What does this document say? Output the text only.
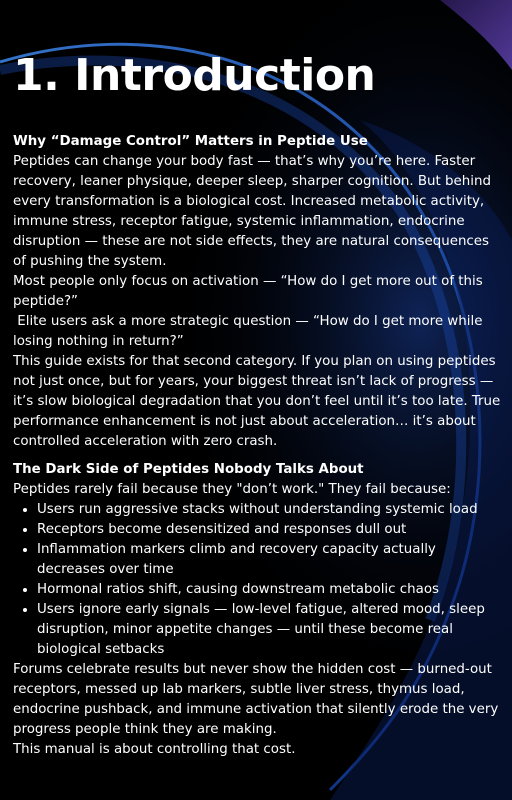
1. Introduction
Why “Damage Control” Matters in Peptide Use

Peptides can change your body fast — that’s why you’re here. Faster recovery, leaner physique, deeper sleep, sharper cognition. But behind every transformation is a biological cost. Increased metabolic activity, immune stress, receptor fatigue, systemic inflammation, endocrine disruption — these are not side effects, they are natural consequences of pushing the system.

Most people only focus on activation — “How do I get more out of this peptide?”

Elite users ask a more strategic question — “How do I get more while losing nothing in return?”

This guide exists for that second category. If you plan on using peptides not just once, but for years, your biggest threat isn’t lack of progress — it’s slow biological degradation that you don’t feel until it’s too late. True performance enhancement is not just about acceleration… it’s about controlled acceleration with zero crash.

The Dark Side of Peptides Nobody Talks About

Peptides rarely fail because they "don’t work." They fail because:

• Users run aggressive stacks without understanding systemic load
• Receptors become desensitized and responses dull out
• Inflammation markers climb and recovery capacity actually decreases over time
• Hormonal ratios shift, causing downstream metabolic chaos
• Users ignore early signals — low-level fatigue, altered mood, sleep disruption, minor appetite changes — until these become real biological setbacks

Forums celebrate results but never show the hidden cost — burned-out receptors, messed up lab markers, subtle liver stress, thymus load, endocrine pushback, and immune activation that silently erode the very progress people think they are making.

This manual is about controlling that cost.
